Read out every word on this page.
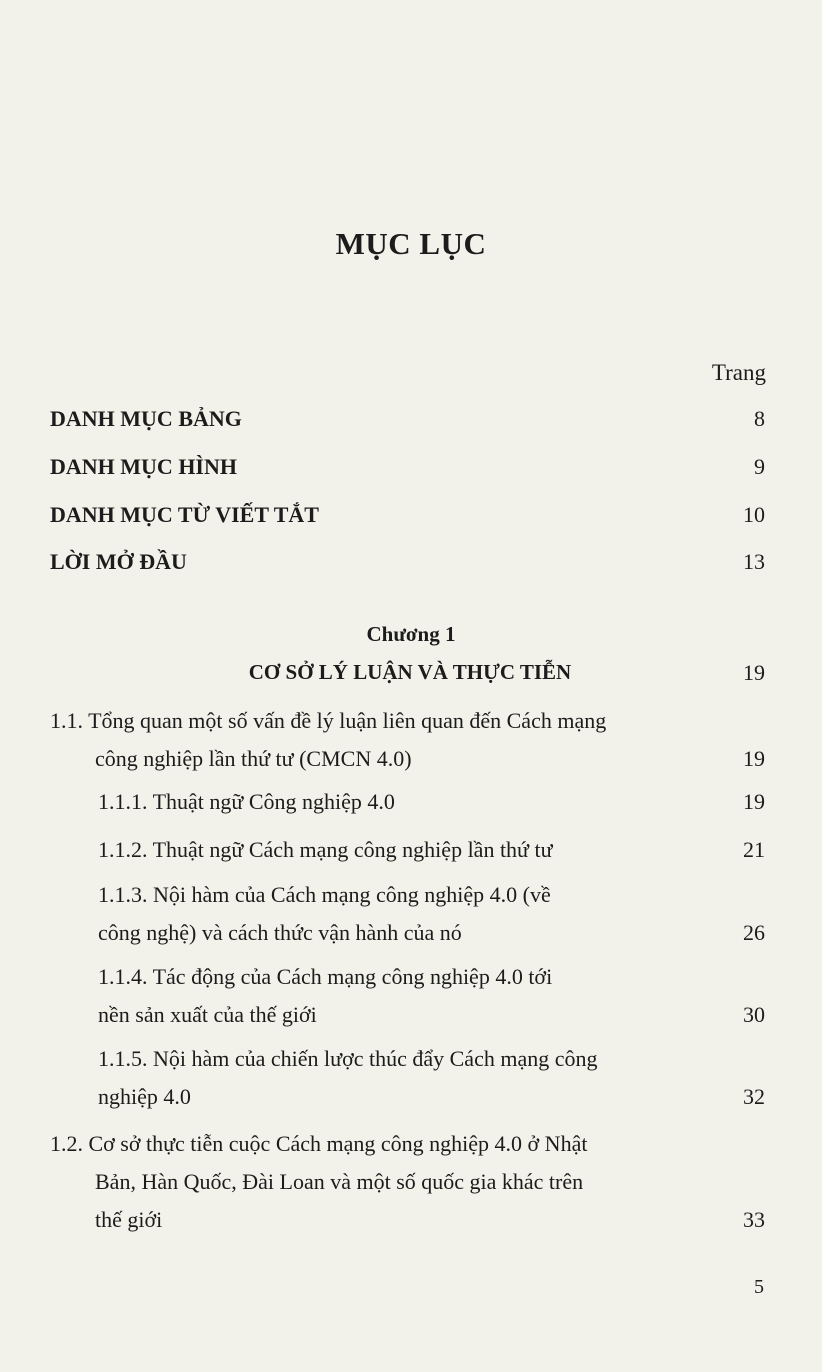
MỤC LỤC
Trang
DANH MỤC BẢNG	8
DANH MỤC HÌNH	9
DANH MỤC TỪ VIẾT TẮT	10
LỜI MỞ ĐẦU	13
Chương 1
CƠ SỞ LÝ LUẬN VÀ THỰC TIỄN	19
1.1. Tổng quan một số vấn đề lý luận liên quan đến Cách mạng
công nghiệp lần thứ tư (CMCN 4.0)	19
1.1.1. Thuật ngữ Công nghiệp 4.0	19
1.1.2. Thuật ngữ Cách mạng công nghiệp lần thứ tư	21
1.1.3. Nội hàm của Cách mạng công nghiệp 4.0 (về
công nghệ) và cách thức vận hành của nó	26
1.1.4. Tác động của Cách mạng công nghiệp 4.0 tới
nền sản xuất của thế giới	30
1.1.5. Nội hàm của chiến lược thúc đẩy Cách mạng công
nghiệp 4.0	32
1.2. Cơ sở thực tiễn cuộc Cách mạng công nghiệp 4.0 ở Nhật
Bản, Hàn Quốc, Đài Loan và một số quốc gia khác trên
thế giới	33
5
